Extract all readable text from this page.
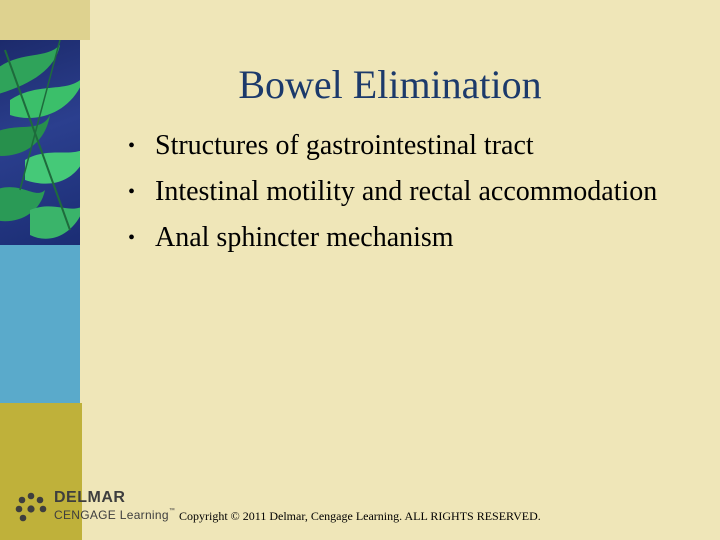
DELMAR
CENGAGE Learning™
Bowel Elimination
• Structures of gastrointestinal tract
• Intestinal motility and rectal accommodation
• Anal sphincter mechanism
Copyright © 2011 Delmar, Cengage Learning. ALL RIGHTS RESERVED.
